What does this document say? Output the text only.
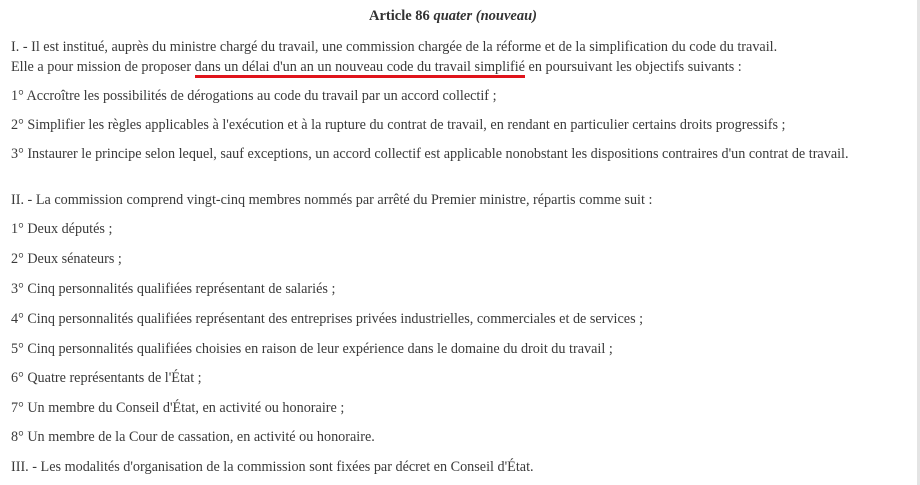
Article 86 quater (nouveau)

I. - Il est institué, auprès du ministre chargé du travail, une commission chargée de la réforme et de la simplification du code du travail.
Elle a pour mission de proposer dans un délai d'un an un nouveau code du travail simplifié en poursuivant les objectifs suivants :

1° Accroître les possibilités de dérogations au code du travail par un accord collectif ;

2° Simplifier les règles applicables à l'exécution et à la rupture du contrat de travail, en rendant en particulier certains droits progressifs ;

3° Instaurer le principe selon lequel, sauf exceptions, un accord collectif est applicable nonobstant les dispositions contraires d'un contrat de travail.

II. - La commission comprend vingt-cinq membres nommés par arrêté du Premier ministre, répartis comme suit :

1° Deux députés ;

2° Deux sénateurs ;

3° Cinq personnalités qualifiées représentant de salariés ;

4° Cinq personnalités qualifiées représentant des entreprises privées industrielles, commerciales et de services ;

5° Cinq personnalités qualifiées choisies en raison de leur expérience dans le domaine du droit du travail ;

6° Quatre représentants de l'État ;

7° Un membre du Conseil d'État, en activité ou honoraire ;

8° Un membre de la Cour de cassation, en activité ou honoraire.

III. - Les modalités d'organisation de la commission sont fixées par décret en Conseil d'État.
